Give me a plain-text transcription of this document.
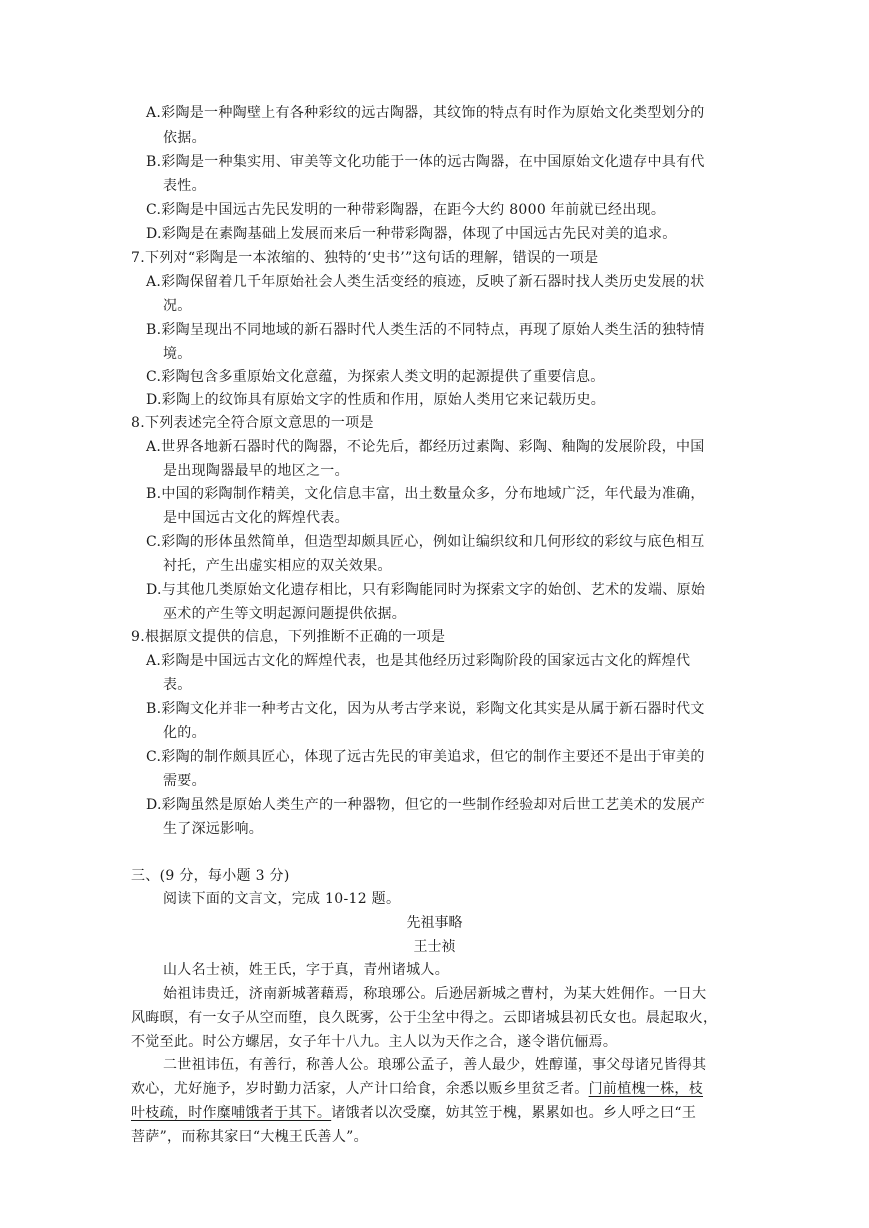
A.彩陶是一种陶壁上有各种彩纹的远古陶器，其纹饰的特点有时作为原始文化类型划分的
依据。
B.彩陶是一种集实用、审美等文化功能于一体的远古陶器，在中国原始文化遗存中具有代
表性。
C.彩陶是中国远古先民发明的一种带彩陶器，在距今大约 8000 年前就已经出现。
D.彩陶是在素陶基础上发展而来后一种带彩陶器，体现了中国远古先民对美的追求。
7.下列对“彩陶是一本浓缩的、独特的‘史书’”这句话的理解，错误的一项是
A.彩陶保留着几千年原始社会人类生活变经的痕迹，反映了新石器时找人类历史发展的状
况。
B.彩陶呈现出不同地域的新石器时代人类生活的不同特点，再现了原始人类生活的独特情
境。
C.彩陶包含多重原始文化意蕴，为探索人类文明的起源提供了重要信息。
D.彩陶上的纹饰具有原始文字的性质和作用，原始人类用它来记载历史。
8.下列表述完全符合原文意思的一项是
A.世界各地新石器时代的陶器，不论先后，都经历过素陶、彩陶、釉陶的发展阶段，中国
是出现陶器最早的地区之一。
B.中国的彩陶制作精美，文化信息丰富，出土数量众多，分布地域广泛，年代最为准确，
是中国远古文化的辉煌代表。
C.彩陶的形体虽然简单，但造型却颇具匠心，例如让编织纹和几何形纹的彩纹与底色相互
衬托，产生出虚实相应的双关效果。
D.与其他几类原始文化遗存相比，只有彩陶能同时为探索文字的始创、艺术的发端、原始
巫术的产生等文明起源问题提供依据。
9.根据原文提供的信息，下列推断不正确的一项是
A.彩陶是中国远古文化的辉煌代表，也是其他经历过彩陶阶段的国家远古文化的辉煌代
表。
B.彩陶文化并非一种考古文化，因为从考古学来说，彩陶文化其实是从属于新石器时代文
化的。
C.彩陶的制作颇具匠心，体现了远古先民的审美追求，但它的制作主要还不是出于审美的
需要。
D.彩陶虽然是原始人类生产的一种器物，但它的一些制作经验却对后世工艺美术的发展产
生了深远影响。
三、(9 分，每小题 3 分)
阅读下面的文言文，完成 10-12 题。
先祖事略
王士祯
山人名士祯，姓王氏，字于真，青州诸城人。
始祖讳贵迁，济南新城著藉焉，称琅琊公。后逊居新城之曹村，为某大姓佣作。一日大
风晦暝，有一女子从空而堕，良久既雾，公于尘坌中得之。云即诸城县初氏女也。晨起取火，
不觉至此。时公方螺居，女子年十八九。主人以为天作之合，遂令谐伉俪焉。
二世祖讳伍，有善行，称善人公。琅琊公孟子，善人最少，姓醇谨，事父母诸兄皆得其
欢心，尤好施予，岁时勤力活家，人产计口给食，余悉以贩乡里贫乏者。门前植槐一株，枝
叶枝疏，时作糜哺饿者于其下。诸饿者以次受糜，妨其笠于槐，累累如也。乡人呼之曰“王
菩萨”，而称其家曰“大槐王氏善人”。
